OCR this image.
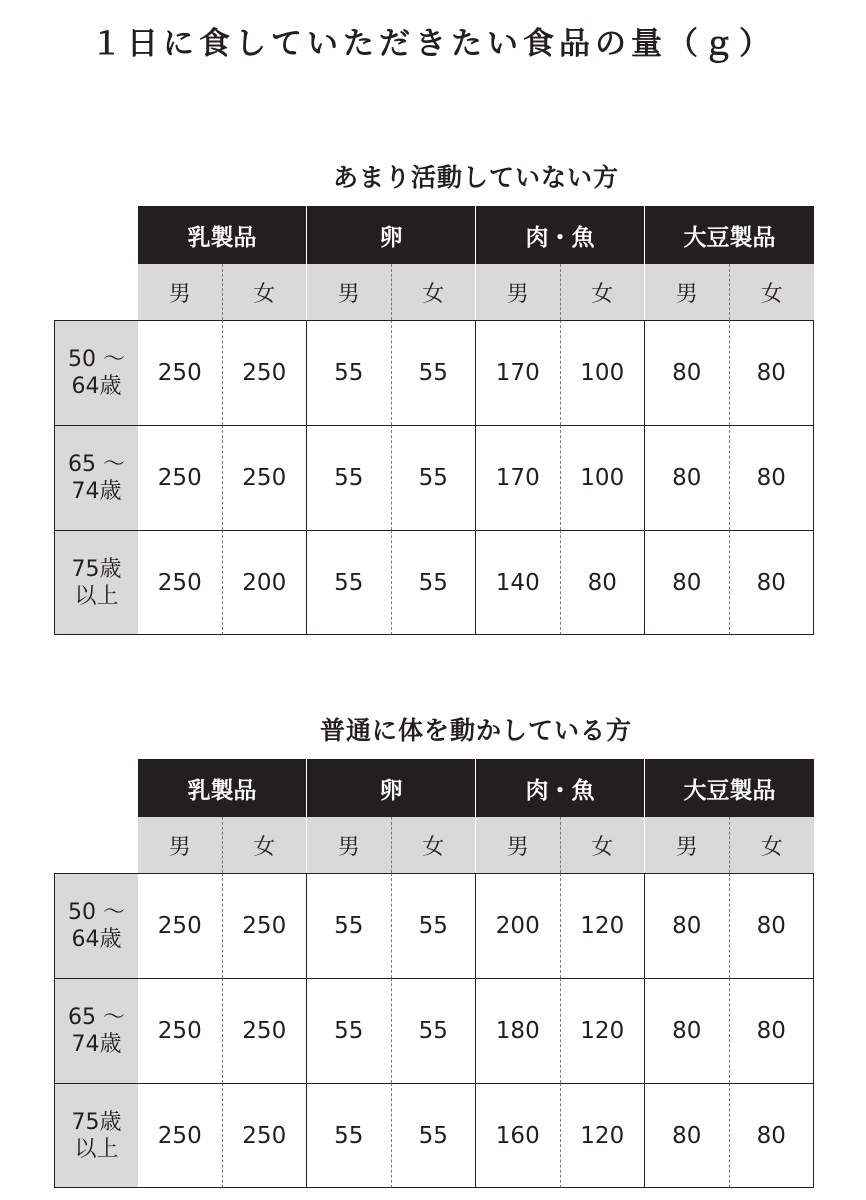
１日に食していただきたい食品の量（ｇ）
あまり活動していない方
乳製品	卵	肉・魚	大豆製品
男	女	男	女	男	女	男	女
50 ～
64歳
250	250	55	55	170	100	80	80
65 ～
74歳
250	250	55	55	170	100	80	80
75歳
以上
250	200	55	55	140	80	80	80
普通に体を動かしている方
乳製品	卵	肉・魚	大豆製品
男	女	男	女	男	女	男	女
50 ～
64歳
250	250	55	55	200	120	80	80
65 ～
74歳
250	250	55	55	180	120	80	80
75歳
以上
250	250	55	55	160	120	80	80
